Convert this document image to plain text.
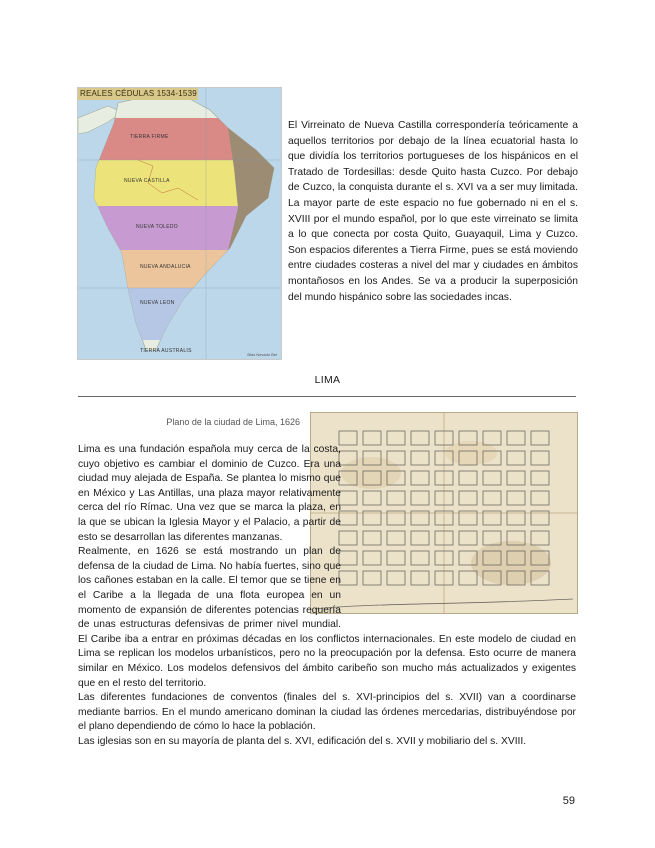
REALES CÉDULAS 1534-1539
TIERRA FIRME
NUEVA CASTILLA
NUEVA TOLEDO
NUEVA ANDALUCIA
NUEVA LEON
TIERRA AUSTRALIS
Blas Nevado Bel

El Virreinato de Nueva Castilla correspondería teóricamente a aquellos territorios por debajo de la línea ecuatorial hasta lo que dividía los territorios portugueses de los hispánicos en el Tratado de Tordesillas: desde Quito hasta Cuzco. Por debajo de Cuzco, la conquista durante el s. XVI va a ser muy limitada. La mayor parte de este espacio no fue gobernado ni en el s. XVIII por el mundo español, por lo que este virreinato se limita a lo que conecta por costa Quito, Guayaquil, Lima y Cuzco. Son espacios diferentes a Tierra Firme, pues se está moviendo entre ciudades costeras a nivel del mar y ciudades en ámbitos montañosos en los Andes. Se va a producir la superposición del mundo hispánico sobre las sociedades incas.

LIMA
Plano de la ciudad de Lima, 1626

Lima es una fundación española muy cerca de la costa, cuyo objetivo es cambiar el dominio de Cuzco. Era una ciudad muy alejada de España. Se plantea lo mismo que en México y Las Antillas, una plaza mayor relativamente cerca del río Rímac. Una vez que se marca la plaza, en la que se ubican la Iglesia Mayor y el Palacio, a partir de esto se desarrollan las diferentes manzanas.

Realmente, en 1626 se está mostrando un plan de defensa de la ciudad de Lima. No había fuertes, sino que los cañones estaban en la calle. El temor que se tiene en el Caribe a la llegada de una flota europea en un momento de expansión de diferentes potencias requería de unas estructuras defensivas de primer nivel mundial. El Caribe iba a entrar en próximas décadas en los conflictos internacionales. En este modelo de ciudad en Lima se replican los modelos urbanísticos, pero no la preocupación por la defensa. Esto ocurre de manera similar en México. Los modelos defensivos del ámbito caribeño son mucho más actualizados y exigentes que en el resto del territorio.

Las diferentes fundaciones de conventos (finales del s. XVI-principios del s. XVII) van a coordinarse mediante barrios. En el mundo americano dominan la ciudad las órdenes mercedarias, distribuyéndose por el plano dependiendo de cómo lo hace la población.

Las iglesias son en su mayoría de planta del s. XVI, edificación del s. XVII y mobiliario del s. XVIII.

59
